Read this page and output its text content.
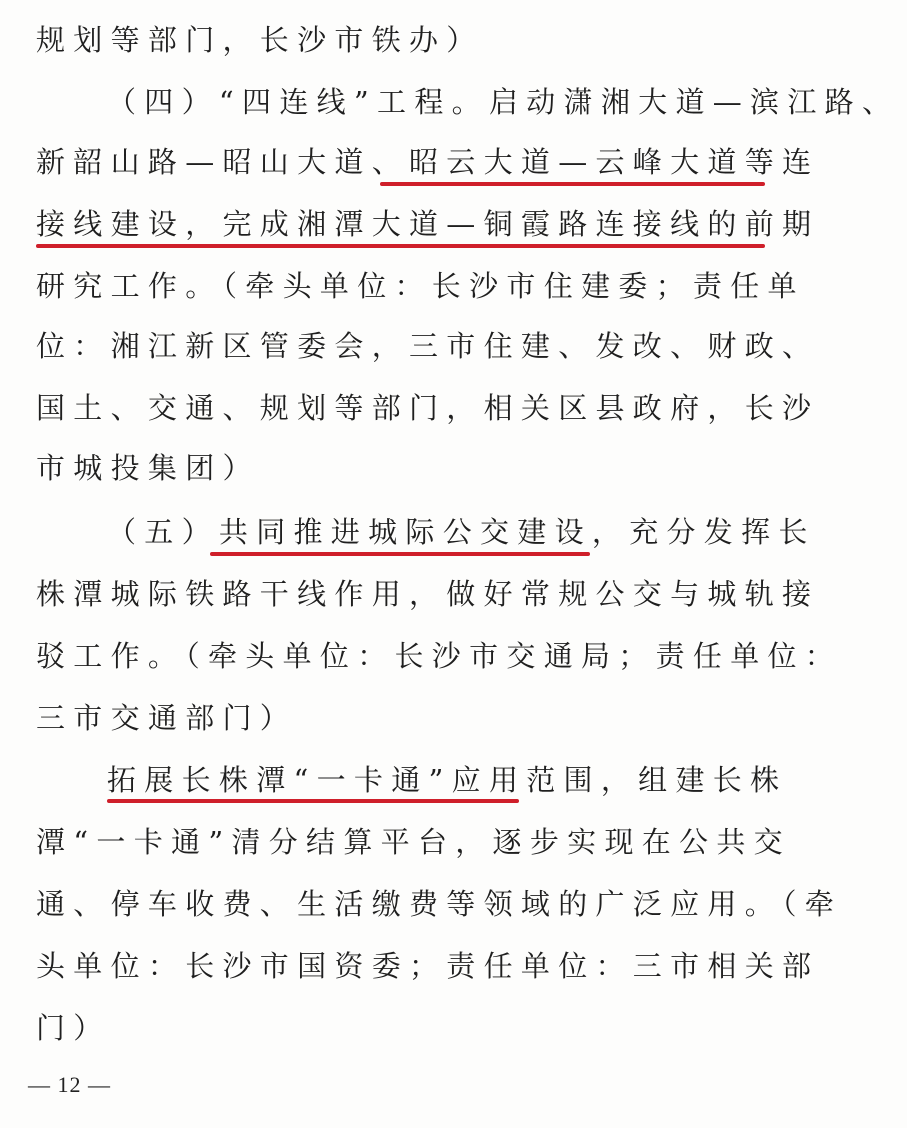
规划等部门，长沙市铁办）
（四）“四连线”工程。启动潇湘大道—滨江路、
新韶山路—昭山大道、昭云大道—云峰大道等连
接线建设，完成湘潭大道—铜霞路连接线的前期
研究工作。（牵头单位：长沙市住建委；责任单
位：湘江新区管委会，三市住建、发改、财政、
国土、交通、规划等部门，相关区县政府，长沙
市城投集团）
（五）共同推进城际公交建设，充分发挥长
株潭城际铁路干线作用，做好常规公交与城轨接
驳工作。（牵头单位：长沙市交通局；责任单位：
三市交通部门）
拓展长株潭“一卡通”应用范围，组建长株
潭“一卡通”清分结算平台，逐步实现在公共交
通、停车收费、生活缴费等领域的广泛应用。（牵
头单位：长沙市国资委；责任单位：三市相关部
门）
— 12 —
